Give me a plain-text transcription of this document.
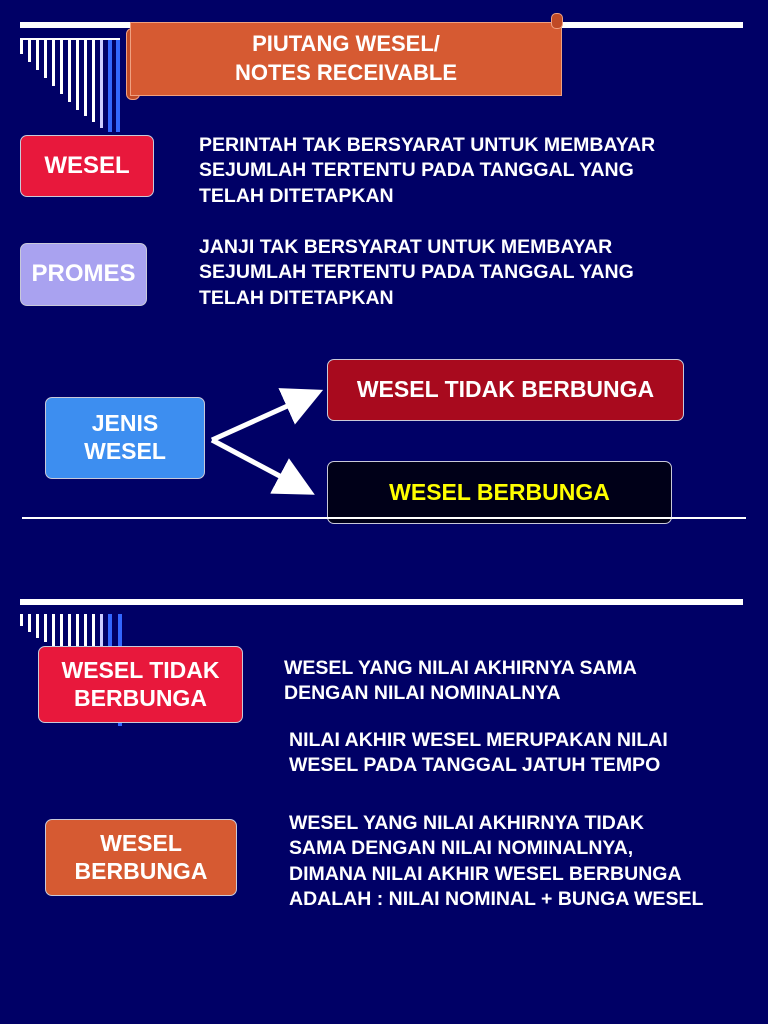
PIUTANG WESEL/
NOTES RECEIVABLE
WESEL
PERINTAH TAK BERSYARAT UNTUK MEMBAYAR
SEJUMLAH TERTENTU PADA TANGGAL YANG
TELAH DITETAPKAN
PROMES
JANJI TAK BERSYARAT UNTUK MEMBAYAR
SEJUMLAH TERTENTU PADA TANGGAL YANG
TELAH DITETAPKAN
JENIS
WESEL
WESEL TIDAK BERBUNGA
WESEL BERBUNGA
WESEL TIDAK
BERBUNGA
WESEL YANG NILAI AKHIRNYA SAMA
DENGAN NILAI NOMINALNYA
NILAI AKHIR WESEL MERUPAKAN NILAI
WESEL PADA TANGGAL JATUH TEMPO
WESEL
BERBUNGA
WESEL YANG NILAI AKHIRNYA TIDAK
SAMA DENGAN NILAI NOMINALNYA,
DIMANA NILAI AKHIR WESEL BERBUNGA
ADALAH : NILAI NOMINAL + BUNGA WESEL
